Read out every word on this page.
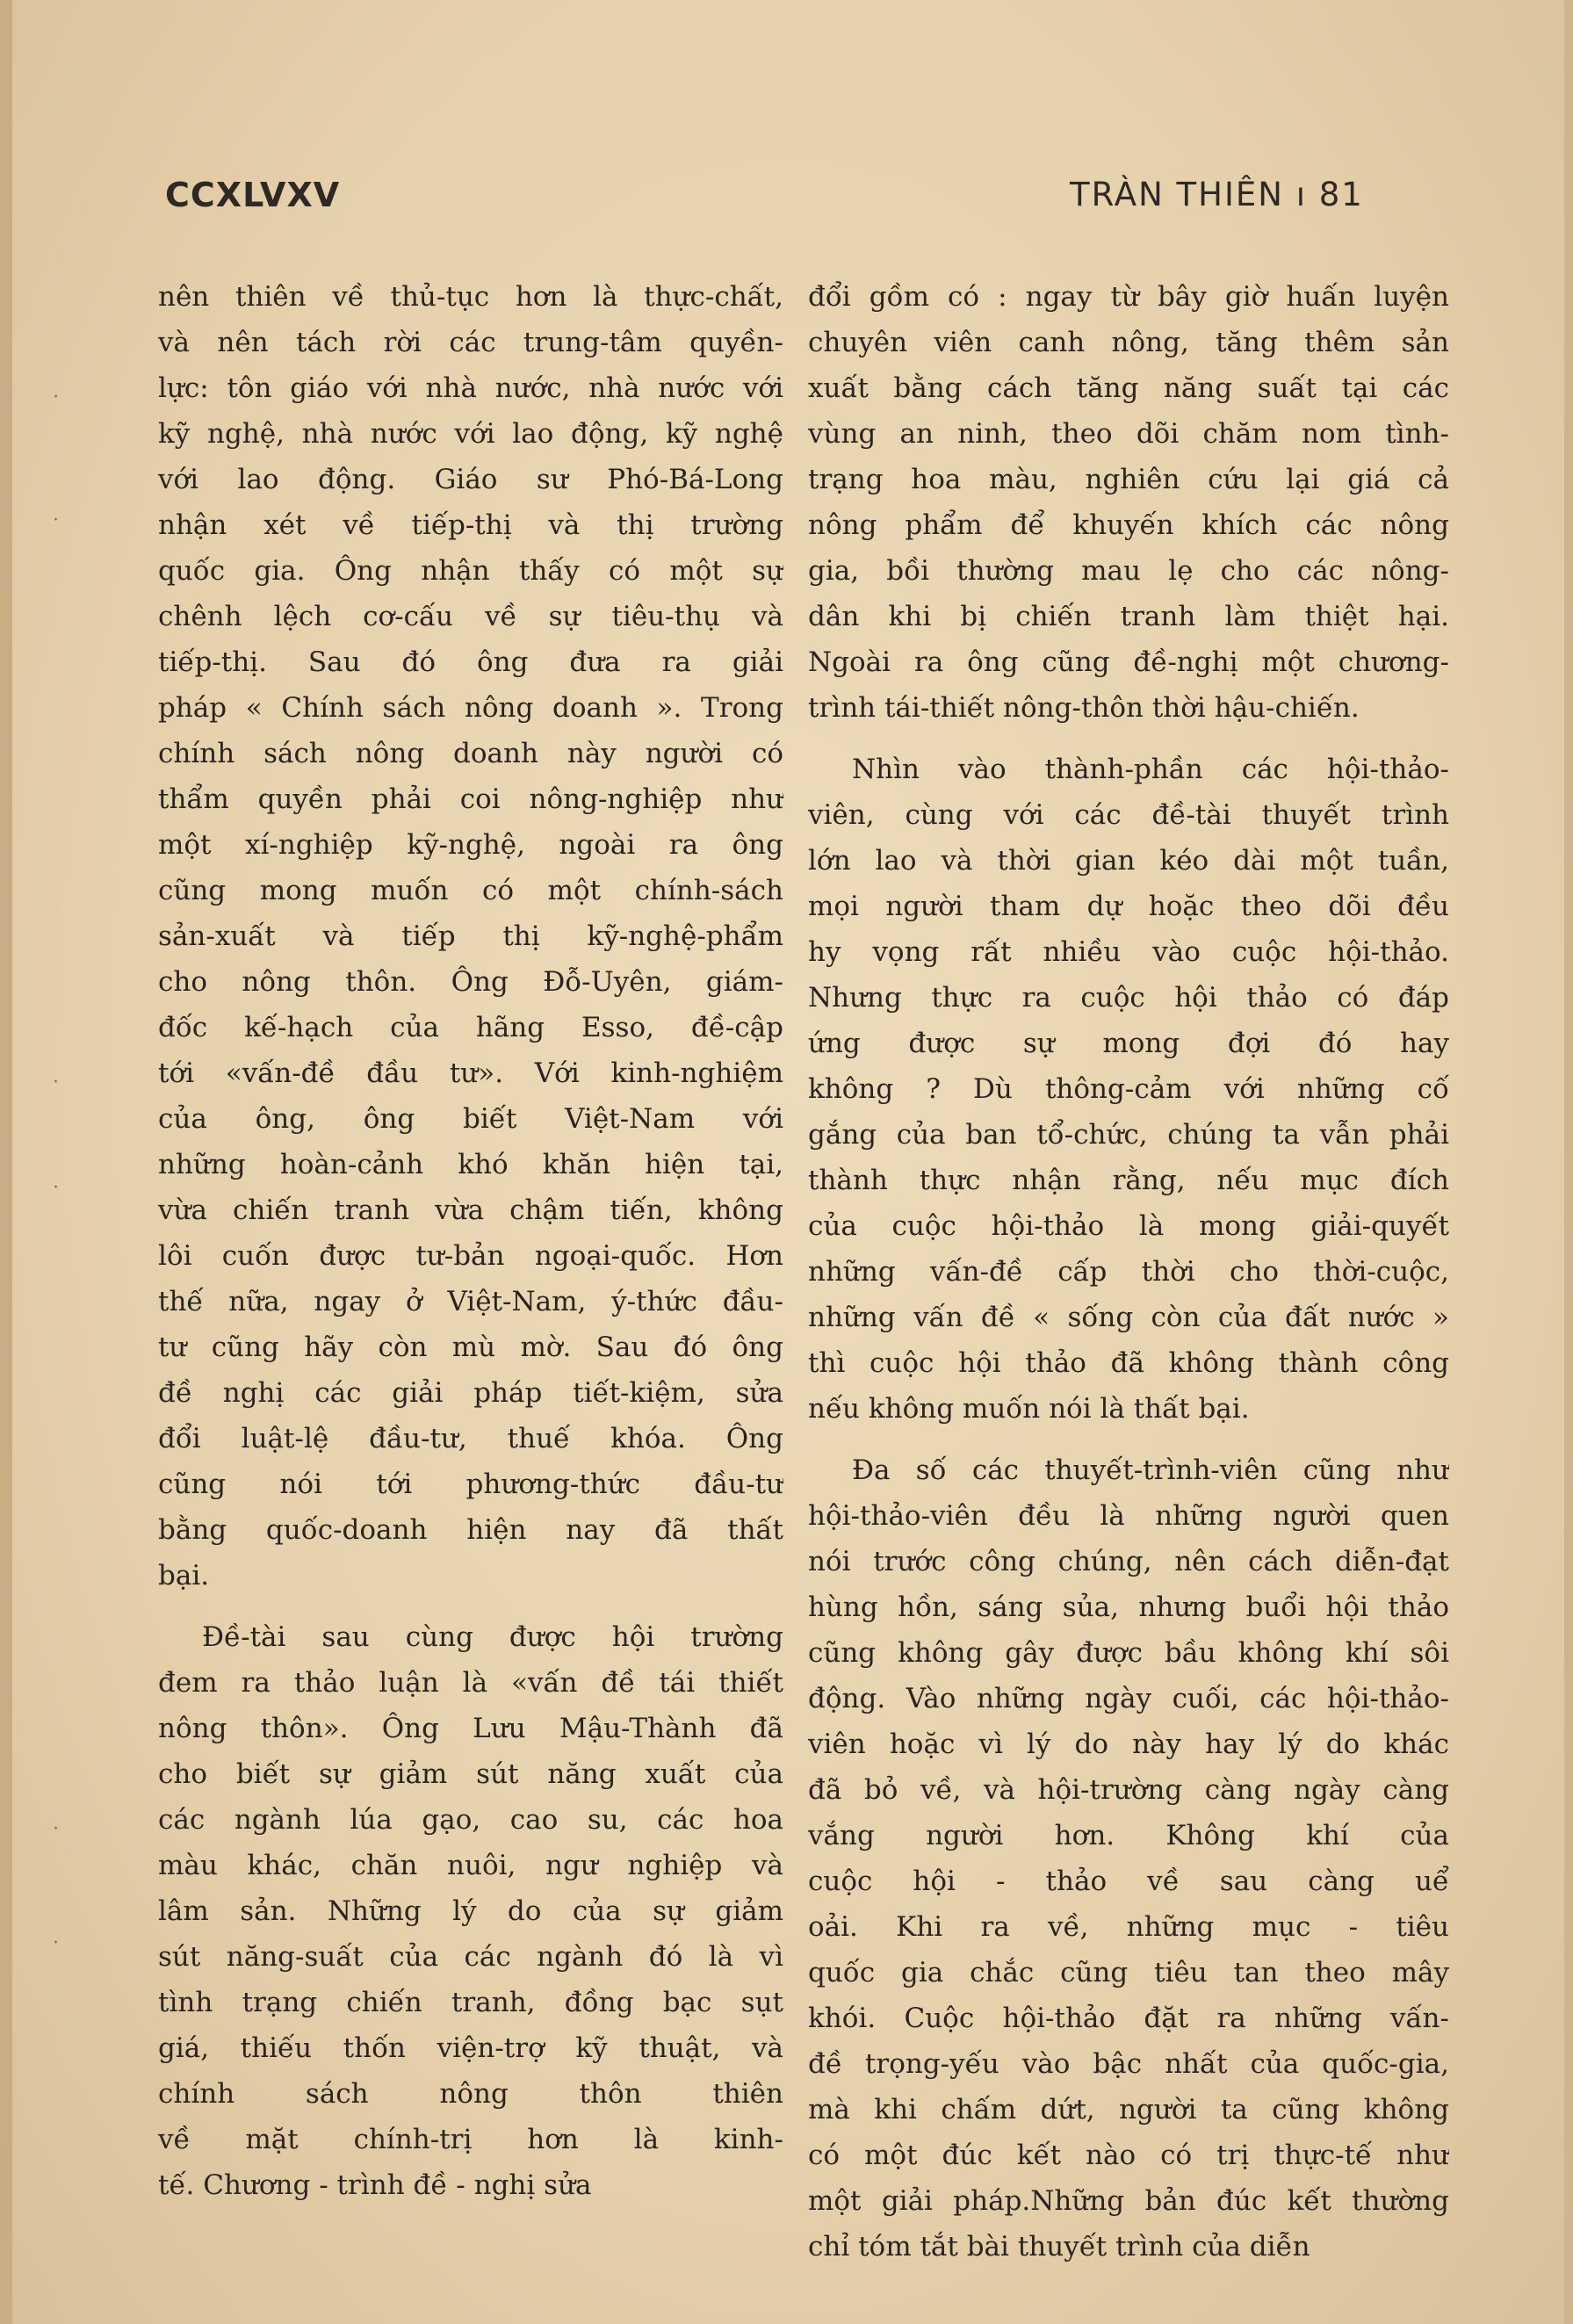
·
·
·
·
·
·
CCXLVXV	TRÀN THIÊN ı 81
nên thiên về thủ-tục hơn là thực-chất,
và nên tách rời các trung-tâm quyền-
lực: tôn giáo với nhà nước, nhà nước với
kỹ nghệ, nhà nước với lao động, kỹ nghệ
với lao động. Giáo sư Phó-Bá-Long
nhận xét về tiếp-thị và thị trường
quốc gia. Ông nhận thấy có một sự
chênh lệch cơ-cấu về sự tiêu-thụ và
tiếp-thị. Sau đó ông đưa ra giải
pháp « Chính sách nông doanh ». Trong
chính sách nông doanh này người có
thẩm quyền phải coi nông-nghiệp như
một xí-nghiệp kỹ-nghệ, ngoài ra ông
cũng mong muốn có một chính-sách
sản-xuất và tiếp thị kỹ-nghệ-phẩm
cho nông thôn. Ông Đỗ-Uyên, giám-
đốc kế-hạch của hãng Esso, đề-cập
tới «vấn-đề đầu tư». Với kinh-nghiệm
của ông, ông biết Việt-Nam với
những hoàn-cảnh khó khăn hiện tại,
vừa chiến tranh vừa chậm tiến, không
lôi cuốn được tư-bản ngoại-quốc. Hơn
thế nữa, ngay ở Việt-Nam, ý-thức đầu-
tư cũng hãy còn mù mờ. Sau đó ông
đề nghị các giải pháp tiết-kiệm, sửa
đổi luật-lệ đầu-tư, thuế khóa. Ông
cũng nói tới phương-thức đầu-tư
bằng quốc-doanh hiện nay đã thất
bại.
Đề-tài sau cùng được hội trường
đem ra thảo luận là «vấn đề tái thiết
nông thôn». Ông Lưu Mậu-Thành đã
cho biết sự giảm sút năng xuất của
các ngành lúa gạo, cao su, các hoa
màu khác, chăn nuôi, ngư nghiệp và
lâm sản. Những lý do của sự giảm
sút năng-suất của các ngành đó là vì
tình trạng chiến tranh, đồng bạc sụt
giá, thiếu thốn viện-trợ kỹ thuật, và
chính sách nông thôn thiên
về mặt chính-trị hơn là kinh-
tế. Chương - trình đề - nghị sửa
đổi gồm có : ngay từ bây giờ huấn luyện
chuyên viên canh nông, tăng thêm sản
xuất bằng cách tăng năng suất tại các
vùng an ninh, theo dõi chăm nom tình-
trạng hoa màu, nghiên cứu lại giá cả
nông phẩm để khuyến khích các nông
gia, bồi thường mau lẹ cho các nông-
dân khi bị chiến tranh làm thiệt hại.
Ngoài ra ông cũng đề-nghị một chương-
trình tái-thiết nông-thôn thời hậu-chiến.
Nhìn vào thành-phần các hội-thảo-
viên, cùng với các đề-tài thuyết trình
lớn lao và thời gian kéo dài một tuần,
mọi người tham dự hoặc theo dõi đều
hy vọng rất nhiều vào cuộc hội-thảo.
Nhưng thực ra cuộc hội thảo có đáp
ứng được sự mong đợi đó hay
không ? Dù thông-cảm với những cố
gắng của ban tổ-chức, chúng ta vẫn phải
thành thực nhận rằng, nếu mục đích
của cuộc hội-thảo là mong giải-quyết
những vấn-đề cấp thời cho thời-cuộc,
những vấn đề « sống còn của đất nước »
thì cuộc hội thảo đã không thành công
nếu không muốn nói là thất bại.
Đa số các thuyết-trình-viên cũng như
hội-thảo-viên đều là những người quen
nói trước công chúng, nên cách diễn-đạt
hùng hồn, sáng sủa, nhưng buổi hội thảo
cũng không gây được bầu không khí sôi
động. Vào những ngày cuối, các hội-thảo-
viên hoặc vì lý do này hay lý do khác
đã bỏ về, và hội-trường càng ngày càng
vắng người hơn. Không khí của
cuộc hội - thảo về sau càng uể
oải. Khi ra về, những mục - tiêu
quốc gia chắc cũng tiêu tan theo mây
khói. Cuộc hội-thảo đặt ra những vấn-
đề trọng-yếu vào bậc nhất của quốc-gia,
mà khi chấm dứt, người ta cũng không
có một đúc kết nào có trị thực-tế như
một giải pháp.Những bản đúc kết thường
chỉ tóm tắt bài thuyết trình của diễn
